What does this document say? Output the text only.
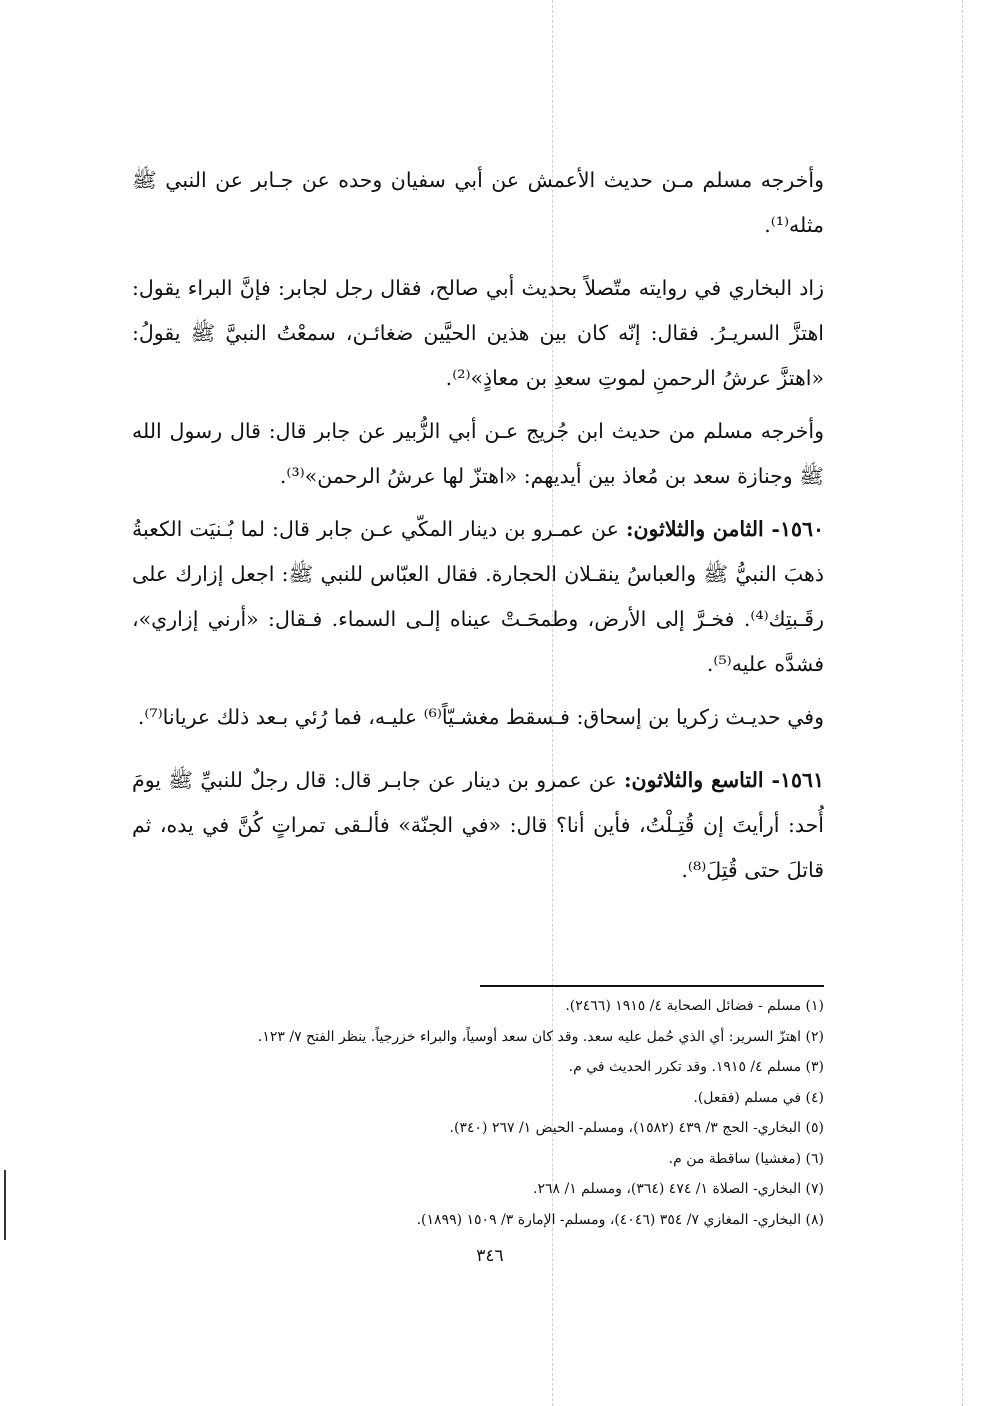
وأخرجه مسلم مـن حديث الأعمش عن أبي سفيان وحده عن جـابر عن النبي ﷺ مثله⁽¹⁾.

زاد البخاري في روايته متّصلاً بحديث أبي صالح، فقال رجل لجابر: فإنَّ البراء يقول: اهتزَّ السريـرُ. فقال: إنّه كان بين هذين الحيَّين ضغائـن، سمعْتُ النبيَّ ﷺ يقولُ: «اهتزَّ عرشُ الرحمنِ لموتِ سعدِ بن معاذٍ»⁽²⁾.

وأخرجه مسلم من حديث ابن جُريج عـن أبي الزُّبير عن جابر قال: قال رسول الله ﷺ وجنازة سعد بن مُعاذ بين أيديهم: «اهتزّ لها عرشُ الرحمن»⁽³⁾.

١٥٦٠- الثامن والثلاثون: عن عمـرو بن دينار المكّي عـن جابر قال: لما بُـنيَت الكعبةُ ذهبَ النبيُّ ﷺ والعباسُ ينقـلان الحجارة. فقال العبّاس للنبي ﷺ: اجعل إزارك على رقَـبتِك⁽⁴⁾. فخـرَّ إلى الأرض، وطمحَـتْ عيناه إلـى السماء. فـقال: «أرني إزاري»، فشدَّه عليه⁽⁵⁾.

وفي حديـث زكريا بن إسحاق: فـسقط مغشـيّاً⁽⁶⁾ عليـه، فما رُئي بـعد ذلك عريانا⁽⁷⁾.

١٥٦١- التاسع والثلاثون: عن عمرو بن دينار عن جابـر قال: قال رجلٌ للنبيِّ ﷺ يومَ أُحد: أرأيتَ إن قُتِـلْتُ، فأين أنا؟ قال: «في الجنّة» فألـقى تمراتٍ كُنَّ في يده، ثم قاتلَ حتى قُتِلَ⁽⁸⁾.

(١) مسلم - فضائل الصحابة ٤/ ١٩١٥ (٢٤٦٦).

(٢) اهتزّ السرير: أي الذي حُمل عليه سعد. وقد كان سعد أوسياً، والبراء خزرجياً. ينظر الفتح ٧/ ١٢٣.

(٣) مسلم ٤/ ١٩١٥. وقد تكرر الحديث في م.

(٤) في مسلم (فقعل).

(٥) البخاري- الحج ٣/ ٤٣٩ (١٥٨٢)، ومسلم- الحيض ١/ ٢٦٧ (٣٤٠).

(٦) (مغشيا) ساقطة من م.

(٧) البخاري- الصلاة ١/ ٤٧٤ (٣٦٤)، ومسلم ١/ ٢٦٨.

(٨) البخاري- المغازي ٧/ ٣٥٤ (٤٠٤٦)، ومسلم- الإمارة ٣/ ١٥٠٩ (١٨٩٩).

٣٤٦
